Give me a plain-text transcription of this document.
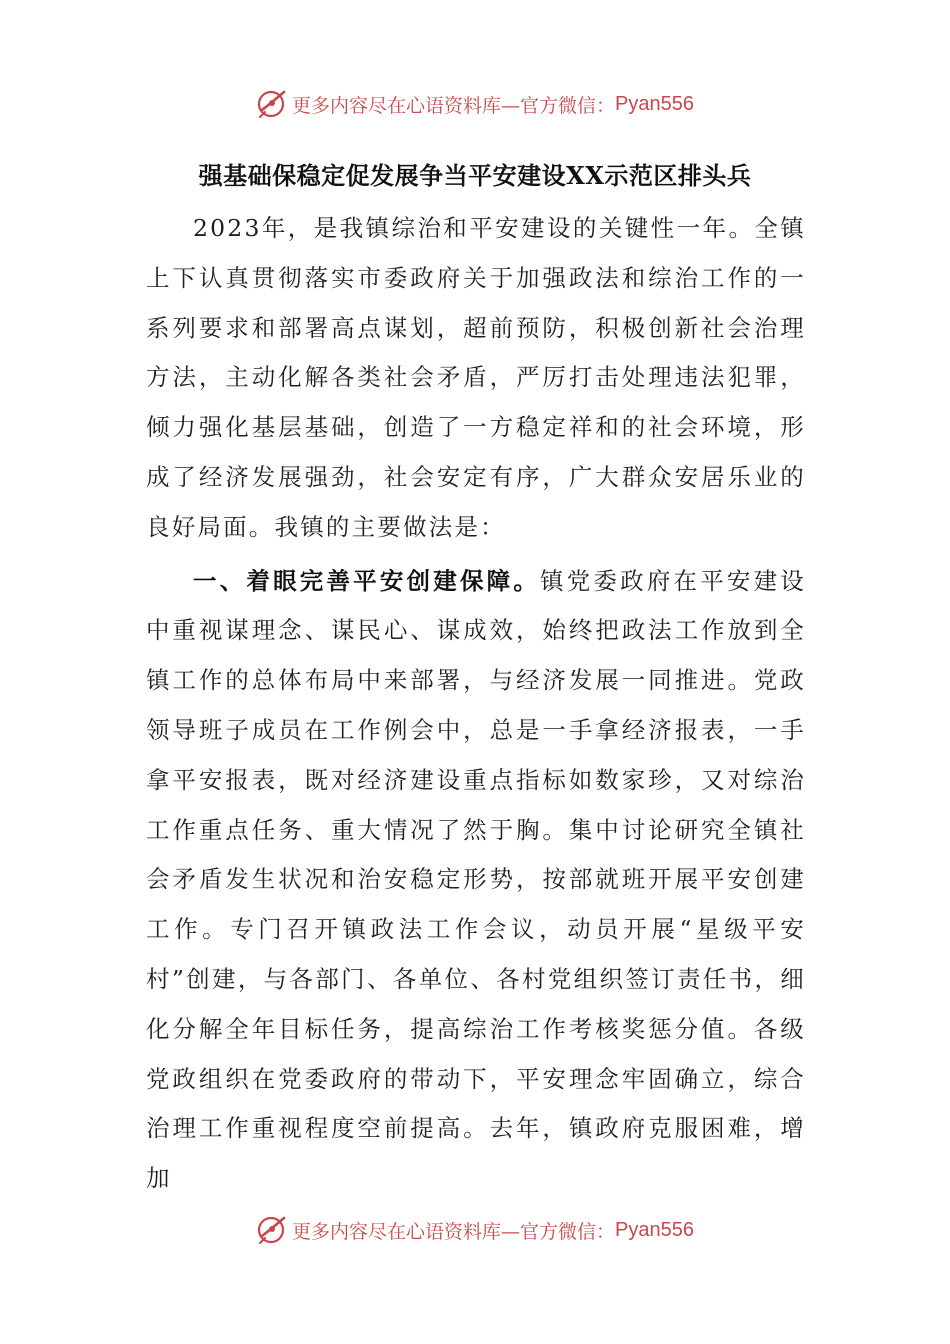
更多内容尽在心语资料库—官方微信： Pyan556
强基础保稳定促发展争当平安建设XX示范区排头兵

2023年，是我镇综治和平安建设的关键性一年。全镇上下认真贯彻落实市委政府关于加强政法和综治工作的一系列要求和部署高点谋划，超前预防，积极创新社会治理方法，主动化解各类社会矛盾，严厉打击处理违法犯罪，倾力强化基层基础，创造了一方稳定祥和的社会环境，形成了经济发展强劲，社会安定有序，广大群众安居乐业的良好局面。我镇的主要做法是：

一、着眼完善平安创建保障。镇党委政府在平安建设中重视谋理念、谋民心、谋成效，始终把政法工作放到全镇工作的总体布局中来部署，与经济发展一同推进。党政领导班子成员在工作例会中，总是一手拿经济报表，一手拿平安报表，既对经济建设重点指标如数家珍，又对综治工作重点任务、重大情况了然于胸。集中讨论研究全镇社会矛盾发生状况和治安稳定形势，按部就班开展平安创建工作。专门召开镇政法工作会议，动员开展“星级平安村”创建，与各部门、各单位、各村党组织签订责任书，细化分解全年目标任务，提高综治工作考核奖惩分值。各级党政组织在党委政府的带动下，平安理念牢固确立，综合治理工作重视程度空前提高。去年，镇政府克服困难，增加

更多内容尽在心语资料库—官方微信： Pyan556
